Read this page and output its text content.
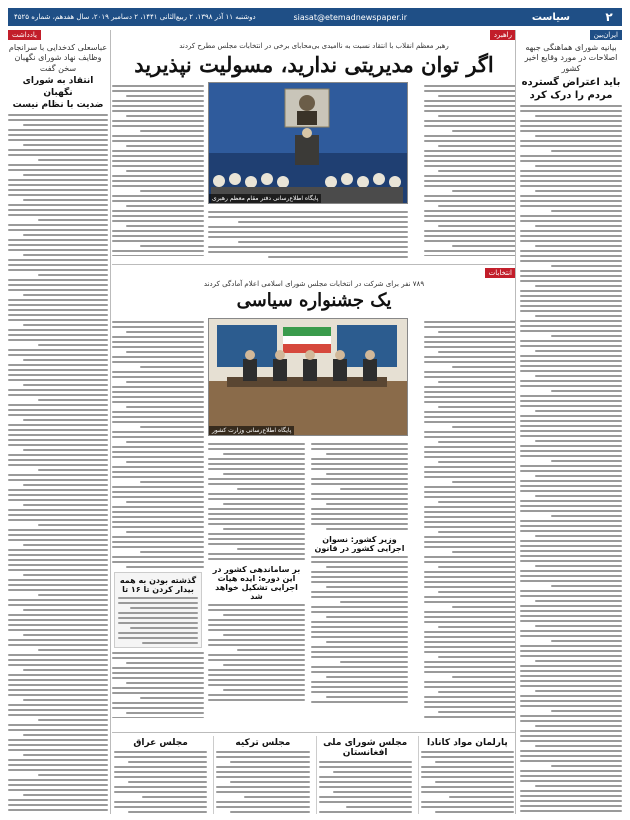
۲
سیاست
siasat@etemadnewspaper.ir
دوشنبه ۱۱ آذر ۱۳۹۸، ۲ ربیع‌الثانی ۱۴۴۱، ۲ دسامبر ۲۰۱۹، سال هفدهم، شماره ۴۵۲۵
ایران‌بین
بیانیه شورای هماهنگی جبهه اصلاحات در مورد وقایع اخیر کشور
باید اعتراض گسترده مردم را درک کرد
یادداشت
عباسعلی کدخدایی با سرانجام وظایف نهاد شورای نگهبان سخن گفت
انتقاد به شورای نگهبان
ضدیت با نظام نیست
راهبرد
رهبر معظم انقلاب با انتقاد نسبت به ناامیدی بی‌محابای برخی در انتخابات مجلس مطرح کردند
اگر توان مدیریتی ندارید، مسولیت نپذیرید
پایگاه اطلاع‌رسانی دفتر مقام معظم رهبری
انتخابات
۷۸۹ نفر برای شرکت در انتخابات مجلس شورای اسلامی اعلام آمادگی کردند
یک جشنواره سیاسی
پایگاه اطلاع‌رسانی وزارت کشور
گذشته بودن به همه بیدار کردن تا ۱۶ تا
وزیر کشور: نسوان اجرایی کشور در قانون
بر ساماندهی کشور در این دوره: ایده هیات اجرایی تشکیل خواهد شد
پارلمان مواد کانادا
مجلس شورای ملی افغانستان
مجلس ترکیه
مجلس عراق
